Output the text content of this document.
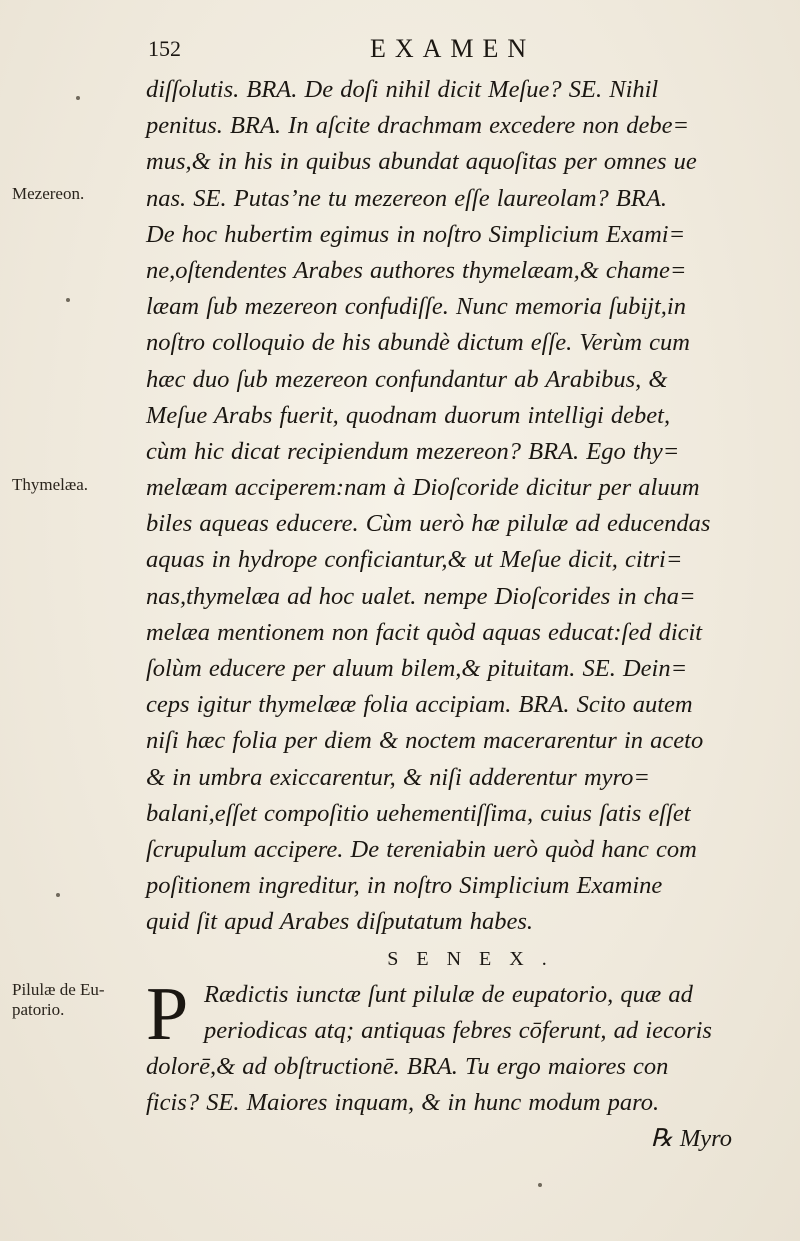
152	EXAMEN
Mezereon.
Thymelæa.
Pilulæ de Eu-
patorio.
diſſolutis. BRA. De doſi nihil dicit Meſue? SE. Nihil
penitus. BRA. In aſcite drachmam excedere non debe=
mus,& in his in quibus abundat aquoſitas per omnes ue
nas. SE. Putas’ne tu mezereon eſſe laureolam? BRA.
De hoc hubertim egimus in noſtro Simplicium Exami=
ne,oſtendentes Arabes authores thymelæam,& chame=
læam ſub mezereon confudiſſe. Nunc memoria ſubijt,in
noſtro colloquio de his abundè dictum eſſe. Verùm cum
hæc duo ſub mezereon confundantur ab Arabibus, &
Meſue Arabs fuerit, quodnam duorum intelligi debet,
cùm hic dicat recipiendum mezereon? BRA. Ego thy=
melæam acciperem:nam à Dioſcoride dicitur per aluum
biles aqueas educere. Cùm uerò hæ pilulæ ad educendas
aquas in hydrope conficiantur,& ut Meſue dicit, citri=
nas,thymelæa ad hoc ualet. nempe Dioſcorides in cha=
melæa mentionem non facit quòd aquas educat:ſed dicit
ſolùm educere per aluum bilem,& pituitam. SE. Dein=
ceps igitur thymelææ folia accipiam. BRA. Scito autem
niſi hæc folia per diem & noctem macerarentur in aceto
& in umbra exiccarentur, & niſi adderentur myro=
balani,eſſet compoſitio uehementiſſima, cuius ſatis eſſet
ſcrupulum accipere. De tereniabin uerò quòd hanc com
poſitionem ingreditur, in noſtro Simplicium Examine
quid ſit apud Arabes diſputatum habes.
SENEX.
Rædictis iunctæ ſunt pilulæ de eupatorio, quæ ad
periodicas atq; antiquas febres cōferunt, ad iecoris
dolorē,& ad obſtructionē. BRA. Tu ergo maiores con
ficis? SE. Maiores inquam, & in hunc modum paro.
℞ Myro
P
